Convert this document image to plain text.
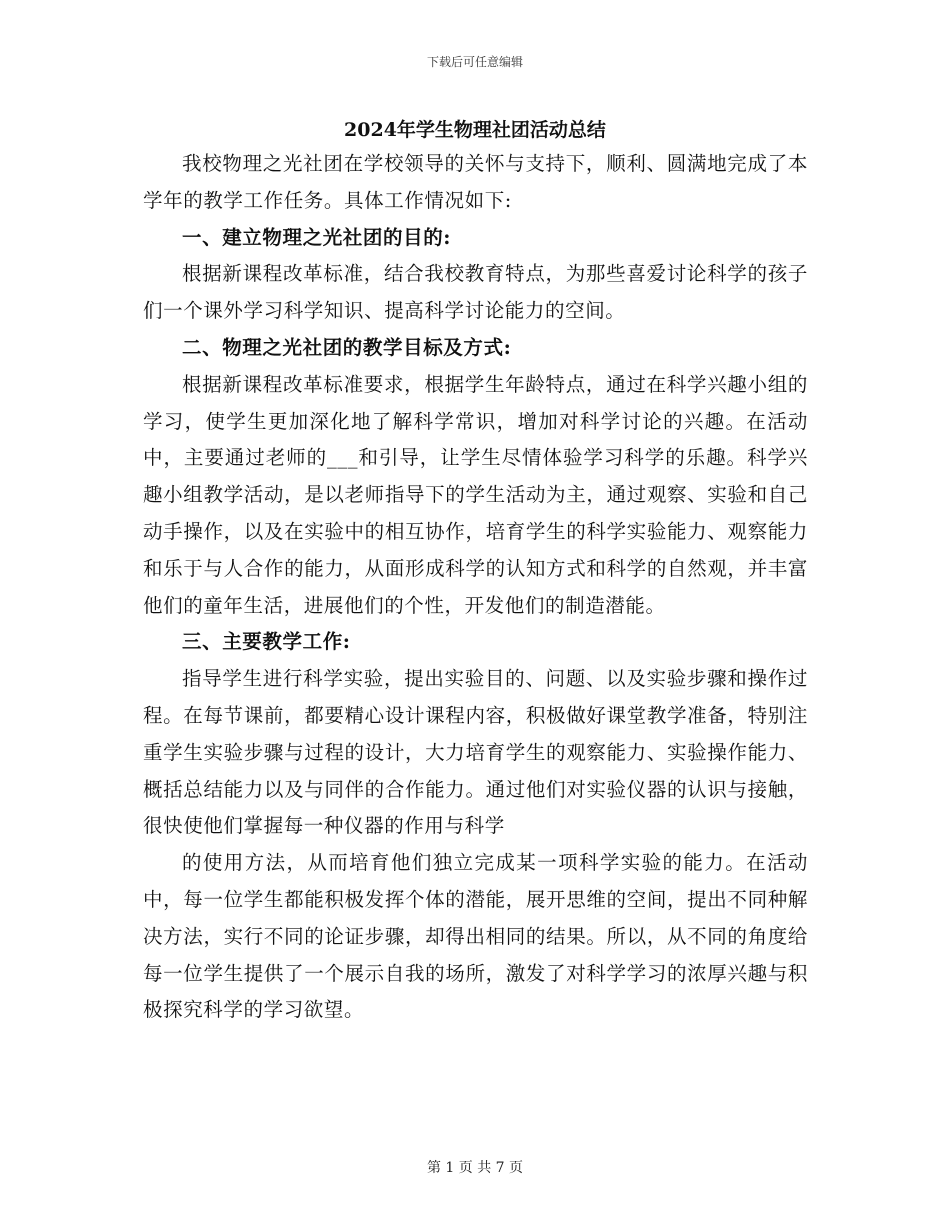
下载后可任意编辑
2024年学生物理社团活动总结

我校物理之光社团在学校领导的关怀与支持下，顺利、圆满地完成了本学年的教学工作任务。具体工作情况如下:

一、建立物理之光社团的目的:

根据新课程改革标准，结合我校教育特点，为那些喜爱讨论科学的孩子们一个课外学习科学知识、提高科学讨论能力的空间。

二、物理之光社团的教学目标及方式:

根据新课程改革标准要求，根据学生年龄特点，通过在科学兴趣小组的学习，使学生更加深化地了解科学常识，增加对科学讨论的兴趣。在活动中，主要通过老师的___和引导，让学生尽情体验学习科学的乐趣。科学兴趣小组教学活动，是以老师指导下的学生活动为主，通过观察、实验和自己动手操作，以及在实验中的相互协作，培育学生的科学实验能力、观察能力和乐于与人合作的能力，从面形成科学的认知方式和科学的自然观，并丰富他们的童年生活，进展他们的个性，开发他们的制造潜能。

三、主要教学工作:

指导学生进行科学实验，提出实验目的、问题、以及实验步骤和操作过程。在每节课前，都要精心设计课程内容，积极做好课堂教学准备，特别注重学生实验步骤与过程的设计，大力培育学生的观察能力、实验操作能力、概括总结能力以及与同伴的合作能力。通过他们对实验仪器的认识与接触，很快使他们掌握每一种仪器的作用与科学

的使用方法，从而培育他们独立完成某一项科学实验的能力。在活动中，每一位学生都能积极发挥个体的潜能，展开思维的空间，提出不同种解决方法，实行不同的论证步骤，却得出相同的结果。所以，从不同的角度给每一位学生提供了一个展示自我的场所，激发了对科学学习的浓厚兴趣与积极探究科学的学习欲望。

第 1 页 共 7 页
